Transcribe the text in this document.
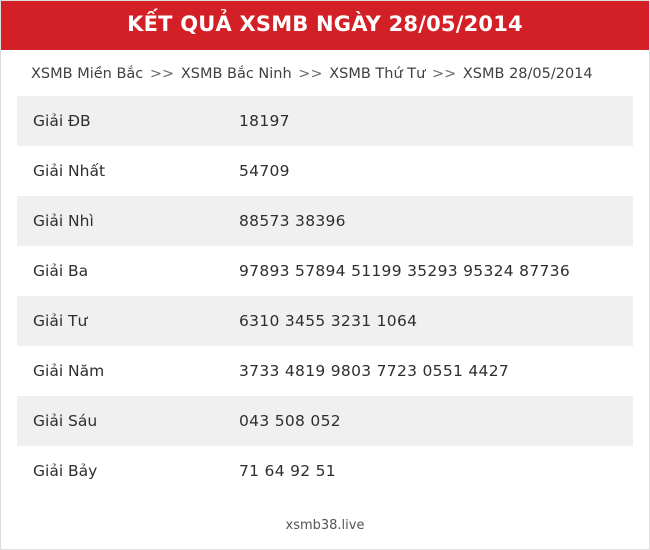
KẾT QUẢ XSMB NGÀY 28/05/2014
XSMB Miền Bắc >> XSMB Bắc Ninh >> XSMB Thứ Tư >> XSMB 28/05/2014
Giải ĐB	18197
Giải Nhất	54709
Giải Nhì	88573 38396
Giải Ba	97893 57894 51199 35293 95324 87736
Giải Tư	6310 3455 3231 1064
Giải Năm	3733 4819 9803 7723 0551 4427
Giải Sáu	043 508 052
Giải Bảy	71 64 92 51
xsmb38.live
